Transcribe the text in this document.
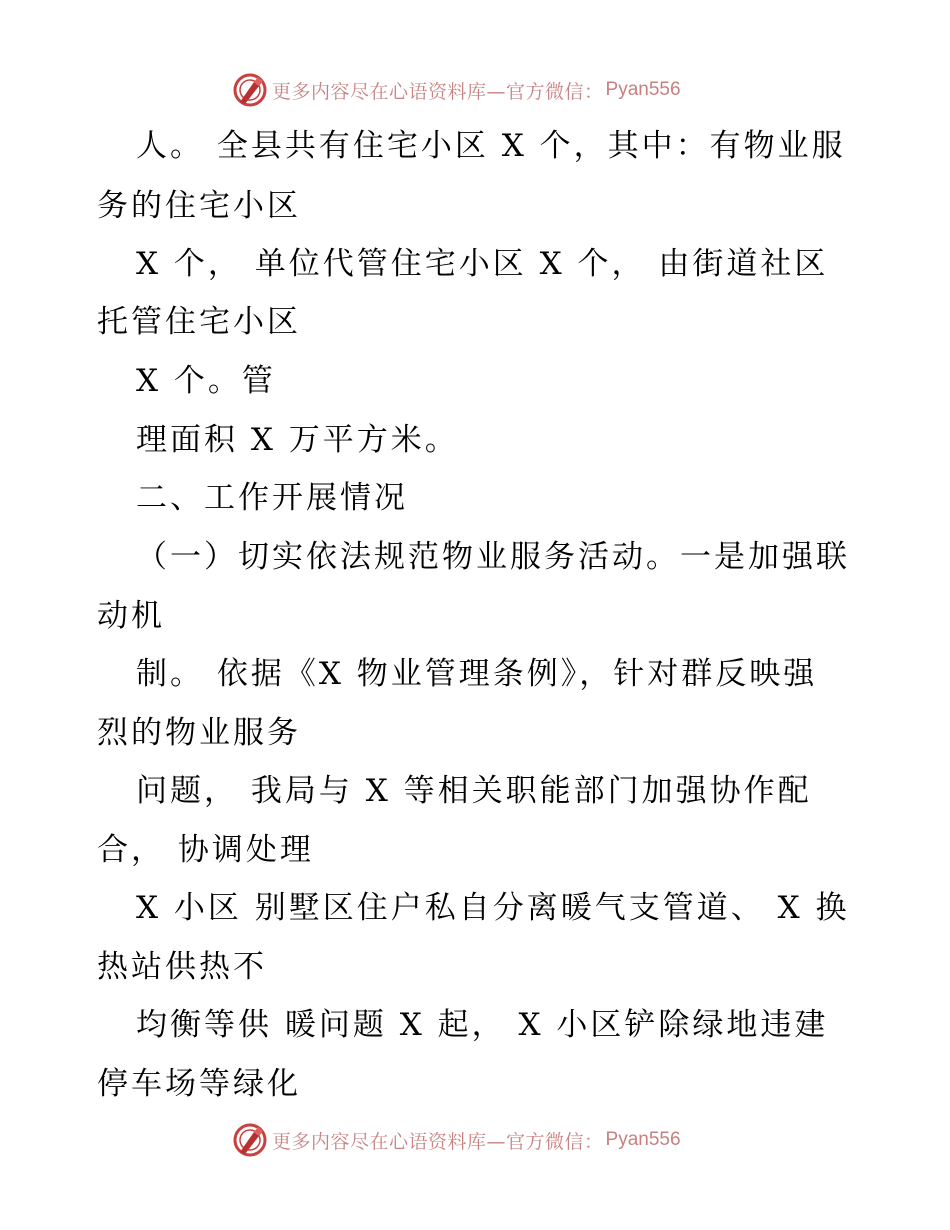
更多内容尽在心语资料库—官方微信： Pyan556
人。 全县共有住宅小区 X 个，其中：有物业服
务的住宅小区
X 个， 单位代管住宅小区 X 个， 由街道社区
托管住宅小区
X 个。管
理面积 X 万平方米。
二、工作开展情况
（一）切实依法规范物业服务活动。一是加强联
动机
制。 依据《X 物业管理条例》，针对群反映强
烈的物业服务
问题， 我局与 X 等相关职能部门加强协作配
合， 协调处理
X 小区 别墅区住户私自分离暖气支管道、 X 换
热站供热不
均衡等供 暖问题 X 起， X 小区铲除绿地违建
停车场等绿化
更多内容尽在心语资料库—官方微信： Pyan556
